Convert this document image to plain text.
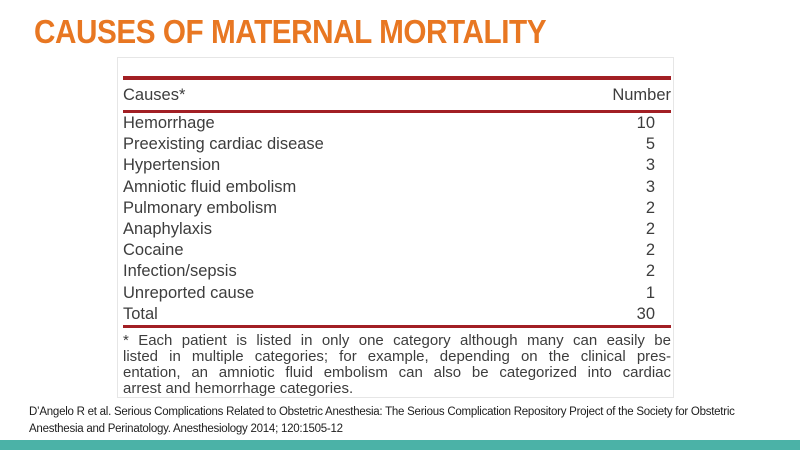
CAUSES OF MATERNAL MORTALITY
Causes*	Number
Hemorrhage	10
Preexisting cardiac disease	5
Hypertension	3
Amniotic fluid embolism	3
Pulmonary embolism	2
Anaphylaxis	2
Cocaine	2
Infection/sepsis	2
Unreported cause	1
Total	30
* Each patient is listed in only one category although many can easily be
listed in multiple categories; for example, depending on the clinical pres-
entation, an amniotic fluid embolism can also be categorized into cardiac
arrest and hemorrhage categories.
D’Angelo R et al. Serious Complications Related to Obstetric Anesthesia: The Serious Complication Repository Project of the Society for Obstetric
Anesthesia and Perinatology. Anesthesiology 2014; 120:1505-12
